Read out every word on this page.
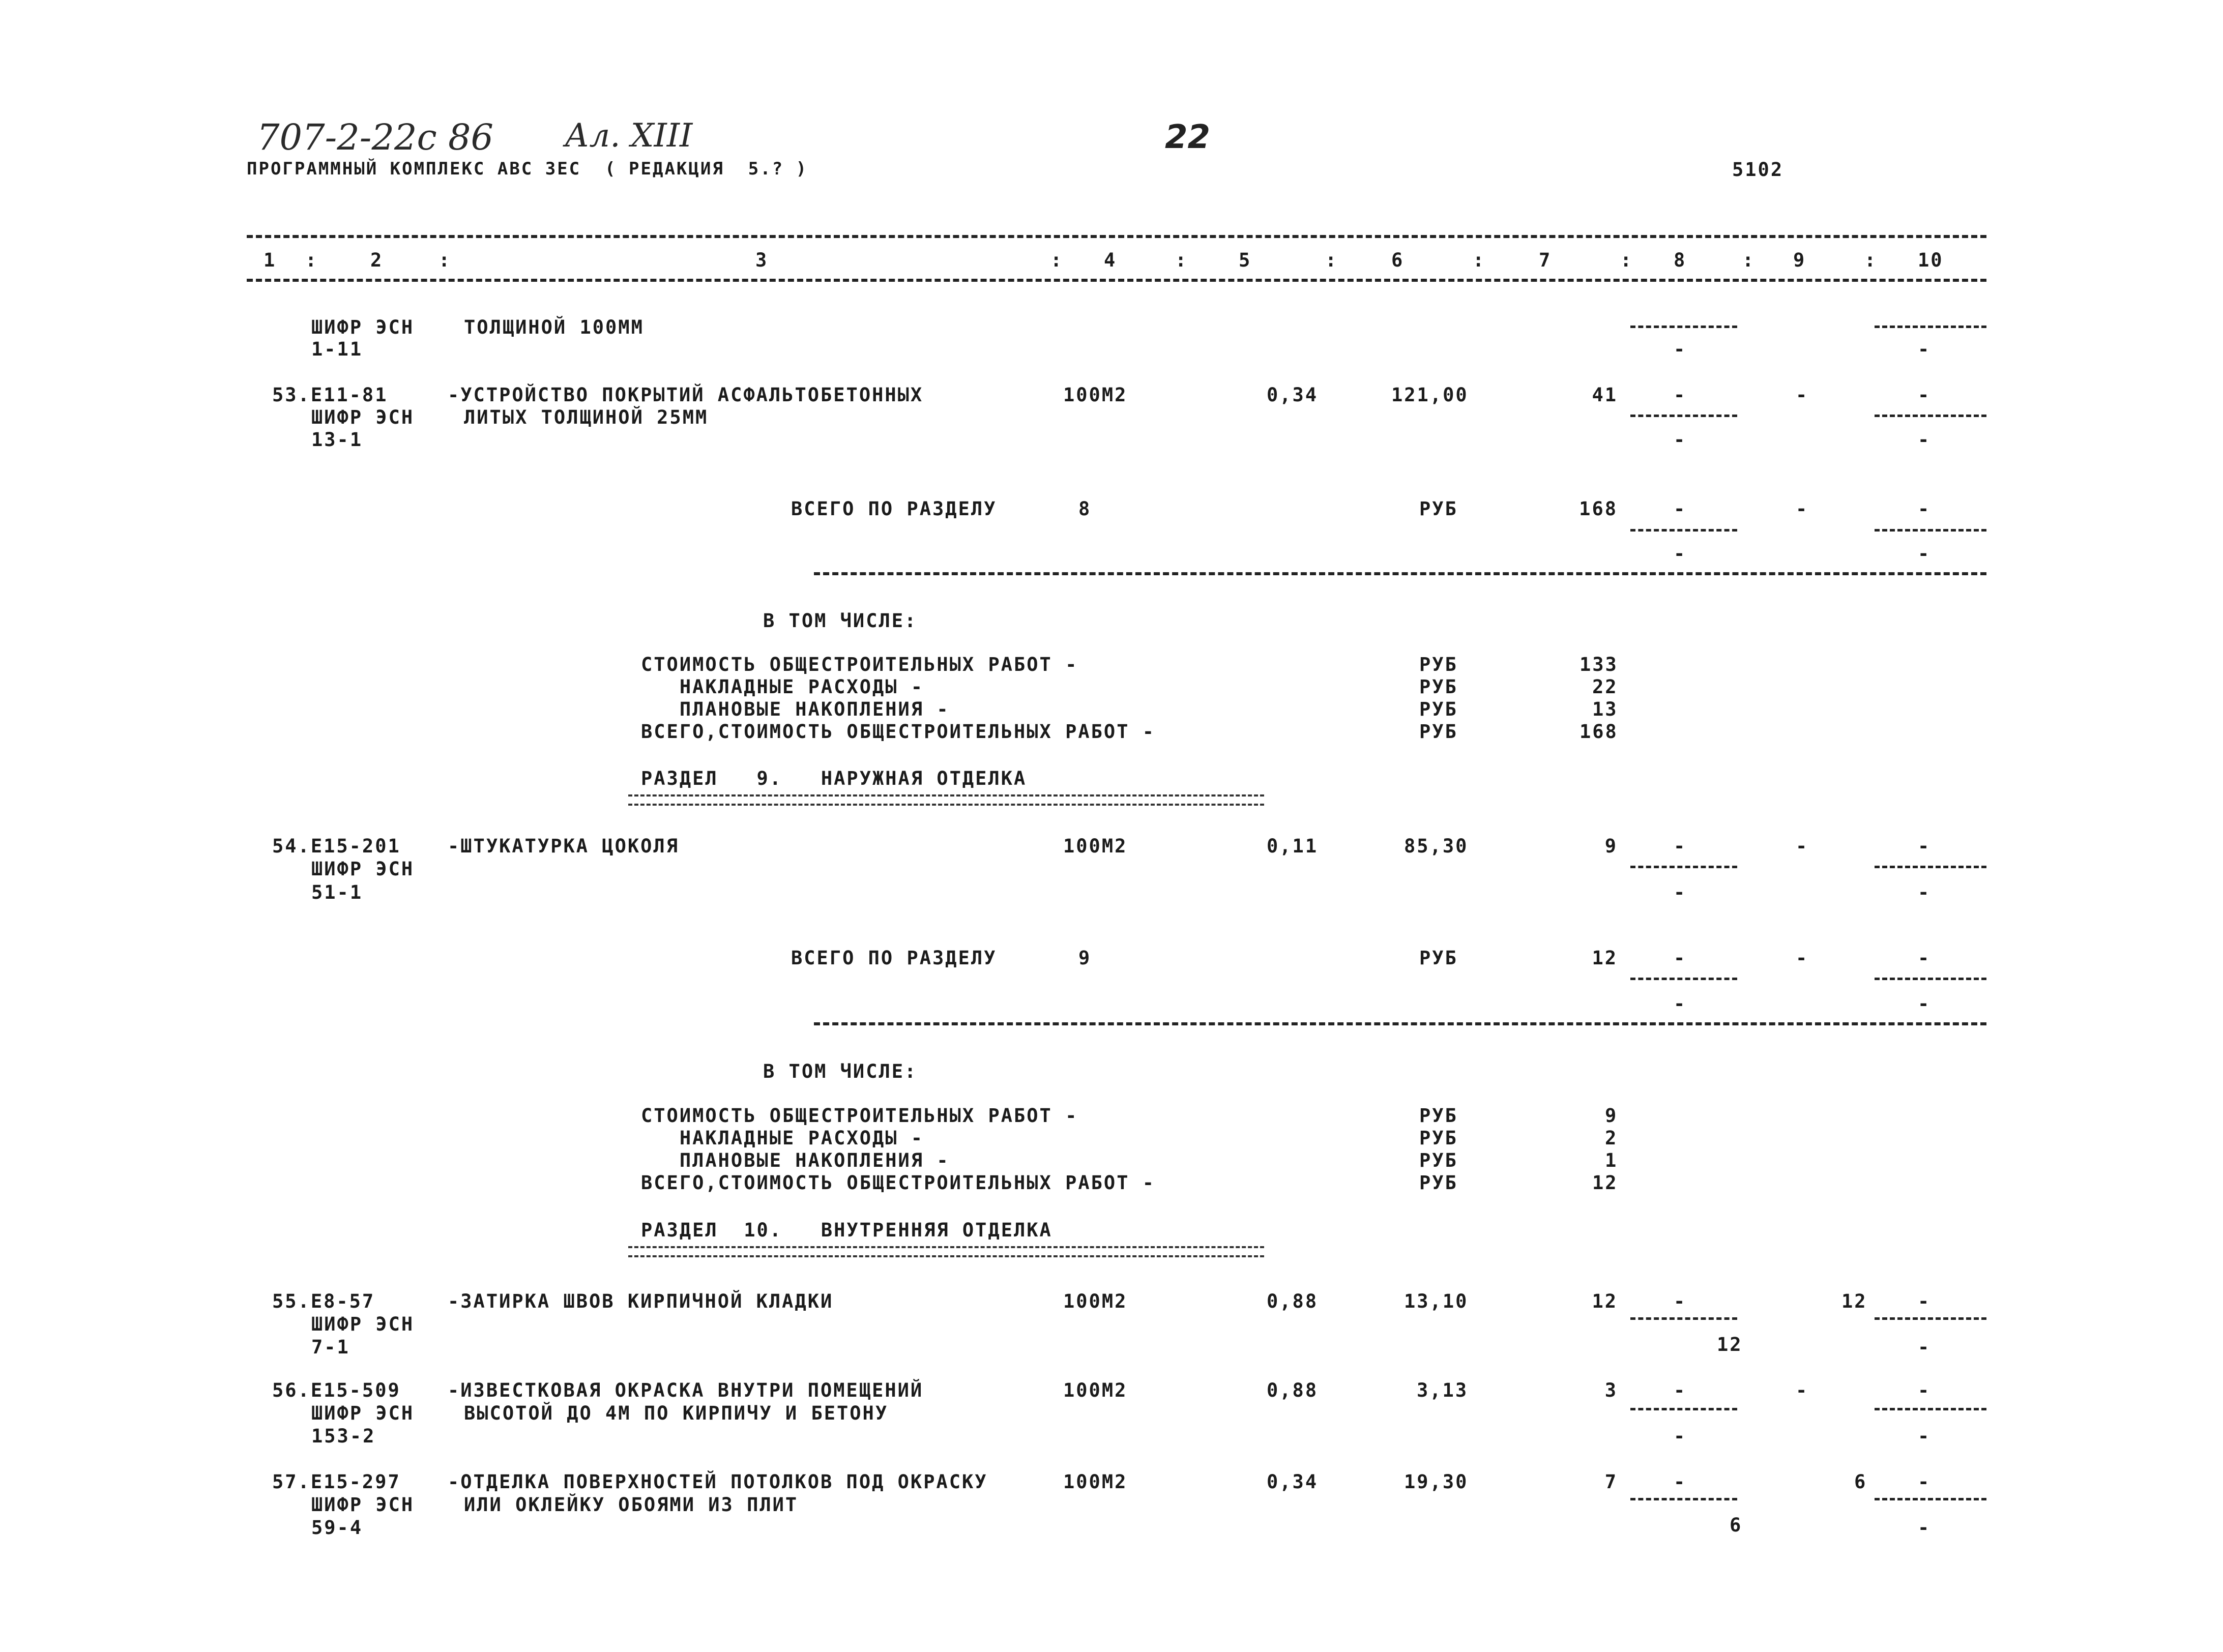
707-2-22с 86 Ал. XIII	22
ПРОГРАММНЫЙ КОМПЛЕКС АВС 3ЕС  ( РЕДАКЦИЯ  5.? )	5102
1 :	2	:	3	: 4	:	5	:	6	:	7	: 8	: 9	: 10
ШИФР ЭСН	ТОЛЩИНОЙ 100ММ
1-11	-	-
53.Е11-81	-УСТРОЙСТВО ПОКРЫТИЙ АСФАЛЬТОБЕТОННЫХ	100М2	0,34	121,00	41	-	-	-
ШИФР ЭСН	ЛИТЫХ ТОЛЩИНОЙ 25ММ
13-1	-	-
ВСЕГО ПО РАЗДЕЛУ	8	РУБ	168	-	-	-
-	-
В ТОМ ЧИСЛЕ:
СТОИМОСТЬ ОБЩЕСТРОИТЕЛЬНЫХ РАБОТ -	РУБ	133
НАКЛАДНЫЕ РАСХОДЫ -	РУБ	22
ПЛАНОВЫЕ НАКОПЛЕНИЯ -	РУБ	13
ВСЕГО,СТОИМОСТЬ ОБЩЕСТРОИТЕЛЬНЫХ РАБОТ -	РУБ	168
РАЗДЕЛ   9.   НАРУЖНАЯ ОТДЕЛКА
54.Е15-201 -ШТУКАТУРКА ЦОКОЛЯ	100М2	0,11	85,30	9	-	-	-
ШИФР ЭСН
51-1	-	-
ВСЕГО ПО РАЗДЕЛУ	9	РУБ	12	-	-	-
-	-
В ТОМ ЧИСЛЕ:
СТОИМОСТЬ ОБЩЕСТРОИТЕЛЬНЫХ РАБОТ -	РУБ	9
НАКЛАДНЫЕ РАСХОДЫ -	РУБ	2
ПЛАНОВЫЕ НАКОПЛЕНИЯ -	РУБ	1
ВСЕГО,СТОИМОСТЬ ОБЩЕСТРОИТЕЛЬНЫХ РАБОТ -	РУБ	12
РАЗДЕЛ  10.   ВНУТРЕННЯЯ ОТДЕЛКА
55.Е8-57	-ЗАТИРКА ШВОВ КИРПИЧНОЙ КЛАДКИ	100М2	0,88	13,10	12	-	12	-
ШИФР ЭСН
7-1	12	-
56.Е15-509 -ИЗВЕСТКОВАЯ ОКРАСКА ВНУТРИ ПОМЕЩЕНИЙ	100М2	0,88	3,13	3	-	-	-
ШИФР ЭСН	ВЫСОТОЙ ДО 4М ПО КИРПИЧУ И БЕТОНУ
153-2	-	-
57.Е15-297 -ОТДЕЛКА ПОВЕРХНОСТЕЙ ПОТОЛКОВ ПОД ОКРАСКУ	100М2	0,34	19,30	7	-	6	-
ШИФР ЭСН	ИЛИ ОКЛЕЙКУ ОБОЯМИ ИЗ ПЛИТ
59-4	6	-
